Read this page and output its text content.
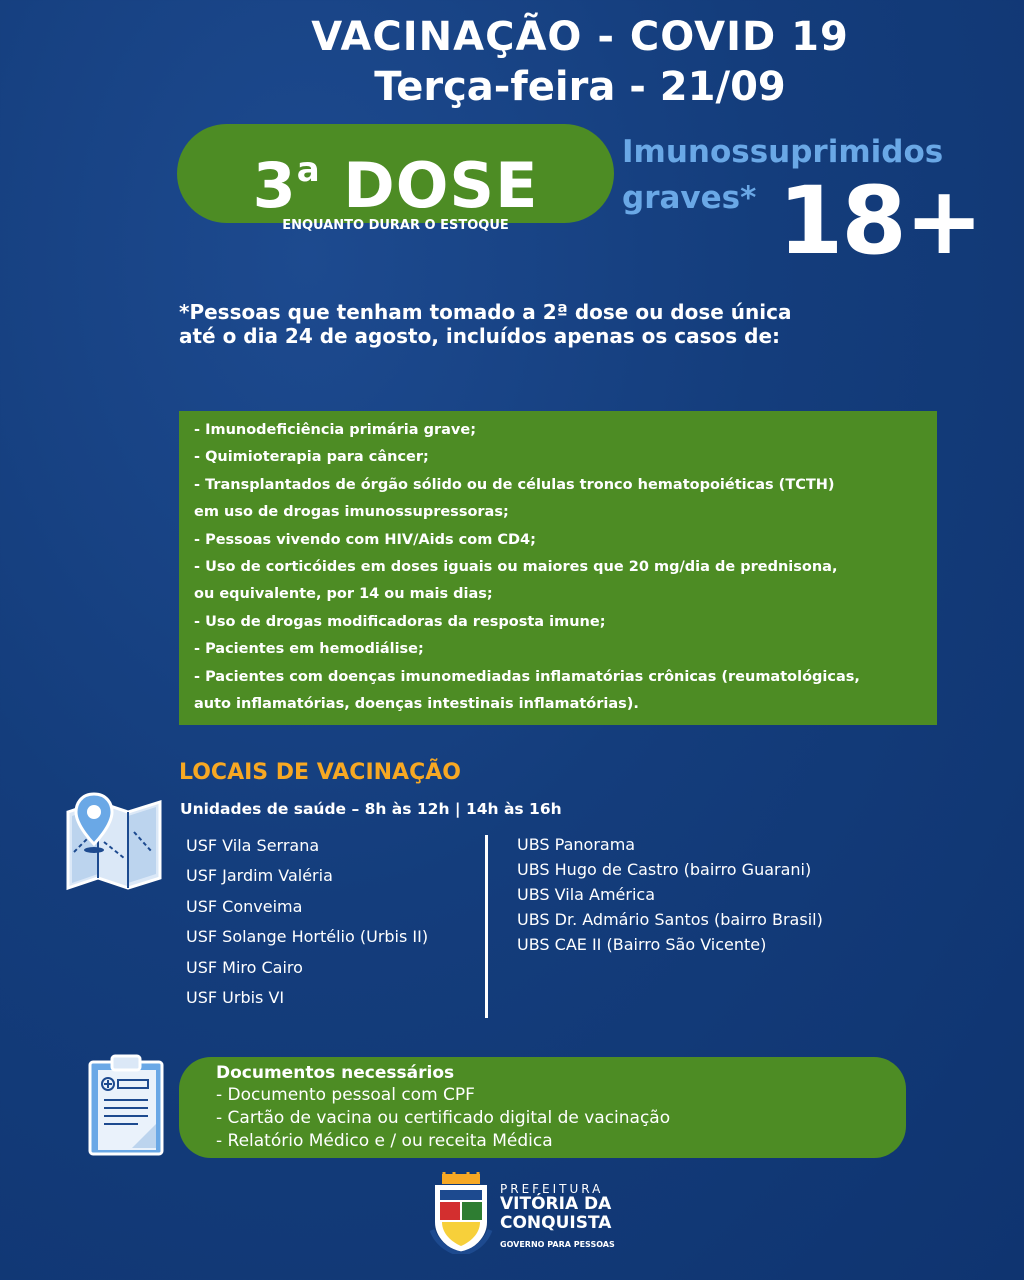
VACINAÇÃO - COVID 19
Terça-feira - 21/09
3$^a$ DOSE
ENQUANTO DURAR O ESTOQUE
Imunossuprimidos
graves* 18+
*Pessoas que tenham tomado a 2ª dose ou dose única
até o dia 24 de agosto, incluídos apenas os casos de:

- Imunodeficiência primária grave;

- Quimioterapia para câncer;

- Transplantados de órgão sólido ou de células tronco hematopoiéticas (TCTH)

em uso de drogas imunossupressoras;

- Pessoas vivendo com HIV/Aids com CD4;

- Uso de corticóides em doses iguais ou maiores que 20 mg/dia de prednisona,

ou equivalente, por 14 ou mais dias;

- Uso de drogas modificadoras da resposta imune;

- Pacientes em hemodiálise;

- Pacientes com doenças imunomediadas inflamatórias crônicas (reumatológicas,

auto inflamatórias, doenças intestinais inflamatórias).

LOCAIS DE VACINAÇÃO
Unidades de saúde – 8h às 12h | 14h às 16h
USF Vila Serrana
USF Jardim Valéria
USF Conveima
USF Solange Hortélio (Urbis II)
USF Miro Cairo
USF Urbis VI
UBS Panorama
UBS Hugo de Castro (bairro Guarani)
UBS Vila América
UBS Dr. Admário Santos (bairro Brasil)
UBS CAE II (Bairro São Vicente)
Documentos necessários
- Documento pessoal com CPF
- Cartão de vacina ou certificado digital de vacinação
- Relatório Médico e / ou receita Médica
PREFEITURA
VITÓRIA DA
CONQUISTA
GOVERNO PARA PESSOAS
